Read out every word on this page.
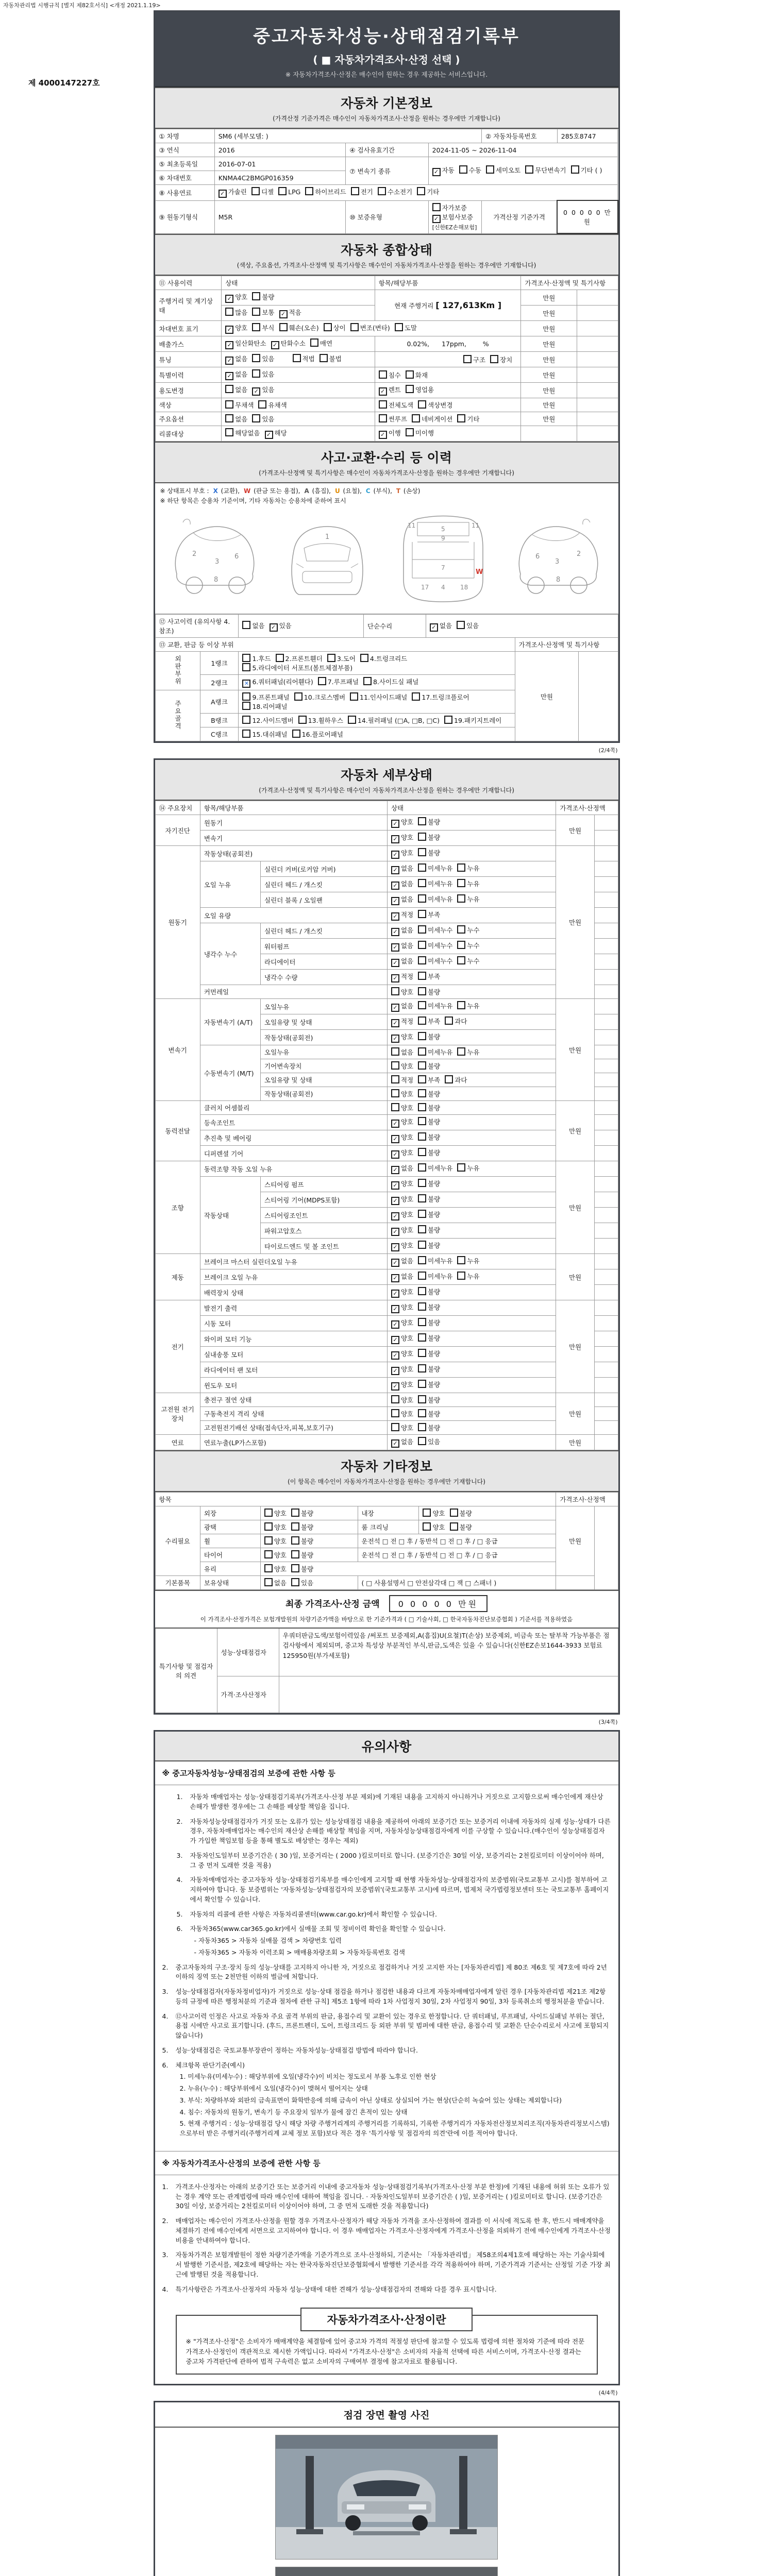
자동차관리법 시행규칙 [별지 제82호서식] <개정 2021.1.19>
제 4000147227호
중고자동차성능·상태점검기록부
( ■ 자동차가격조사·산정 선택 )
※ 자동차가격조사·산정은 매수인이 원하는 경우 제공하는 서비스입니다.
자동차 기본정보
(가격산정 기준가격은 매수인이 자동차가격조사·산정을 원하는 경우에만 기재합니다)
① 차명	SM6 (세부모델: )			② 자동차등록번호	285호8747
③ 연식	2016	④ 검사유효기간	2024-11-05 ~ 2026-11-04		
⑤ 최초등록일	2016-07-01	⑦ 변속기 종류	✓ 자동 수동 세미오토 무단변속기 기타 ( )		
⑥ 차대번호	KNMA4C2BMGP016359				
⑧ 사용연료	✓ 가솔린 디젤 LPG 하이브리드 전기 수소전기 기타				
⑨ 원동기형식	M5R	⑩ 보증유형	자가보증✓ 보험사보증[신한EZ손해보험]	가격산정 기준가격	0 0 0 0 0 만원
자동차 종합상태
(색상, 주요옵션, 가격조사·산정액 및 특기사항은 매수인이 자동차가격조사·산정을 원하는 경우에만 기재합니다)
⑪ 사용이력	상태	항목/해당부품	가격조사·산정액 및 특기사항	
주행거리 및 계기상태	✓ 양호 불량	현재 주행거리 [ 127,613Km ]	만원	
	많음 보통 ✓ 적음		만원	
차대번호 표기	✓ 양호 부식 훼손(오손) 상이 변조(변타) 도말		만원	
배출가스	✓ 일산화탄소 ✓ 탄화수소 매연	0.02%,      17ppm,        %	만원	
튜닝	✓ 없음 있음 적법 불법	구조 장치	만원	
특별이력	✓ 없음 있음	침수 화재	만원	
용도변경	없음 ✓ 있음	✓ 렌트 영업용	만원	
색상	무채색 유채색	전체도색 색상변경	만원	
주요옵션	없음 있음	썬루프 네비게이션 기타	만원	
리콜대상	해당없음 ✓ 해당	✓ 이행 미이행		
사고·교환·수리 등 이력
(가격조사·산정액 및 특기사항은 매수인이 자동차가격조사·산정을 원하는 경우에만 기재합니다)
※ 상태표시 부호 : X (교환), W (판금 또는 용접), A (흠집), U (요철), C (부식), T (손상)
※ 하단 항목은 승용차 기준이며, 기타 자동차는 승용차에 준하여 표시
2
3
6
8
1
11	5	11
9
7
17 4 18
W
2
3
6
8
⑫ 사고이력 (유의사항 4.참조)		없음 ✓ 있음	단순수리	✓ 없음 있음		
⑬ 교환, 판금 등 이상 부위					가격조사·산정액 및 특기사항	
외판부위	1랭크	1.후드 2.프론트휀더 3.도어 4.트렁크리드5.라디에이터 서포트(볼트체결부품)			만원	
	2랭크	✕ 6.쿼터패널(리어휀다) 7.루프패널 8.사이드실 패널				
주요골격	A랭크	9.프론트패널 10.크로스멤버 11.인사이드패널 17.트렁크플로어18.리어패널				
	B랭크	12.사이드멤버 13.휠하우스 14.필러패널 (□A, □B, □C) 19.패키지트레이				
	C랭크	15.대쉬패널 16.플로어패널				
(2/4쪽)
자동차 세부상태
(가격조사·산정액 및 특기사항은 매수인이 자동차가격조사·산정을 원하는 경우에만 기재합니다)
⑭ 주요장치	항목/해당부품		상태	가격조사·산정액	
자기진단	원동기		✓ 양호 불량	만원	
	변속기		✓ 양호 불량		
원동기	작동상태(공회전)		✓ 양호 불량	만원	
	오일 누유	실린더 커버(로커암 커버)	✓ 없음 미세누유 누유		
		실린더 헤드 / 개스킷	✓ 없음 미세누유 누유		
		실린더 블록 / 오일팬	✓ 없음 미세누유 누유		
	오일 유량		✓ 적정 부족		
	냉각수 누수	실린더 헤드 / 개스킷	✓ 없음 미세누수 누수		
		워터펌프	✓ 없음 미세누수 누수		
		라디에이터	✓ 없음 미세누수 누수		
		냉각수 수량	✓ 적정 부족		
	커먼레일		양호 불량		
변속기	자동변속기 (A/T)	오일누유	✓ 없음 미세누유 누유	만원	
		오일유량 및 상태	✓ 적정 부족 과다		
		작동상태(공회전)	✓ 양호 불량		
	수동변속기 (M/T)	오일누유	없음 미세누유 누유		
		기어변속장치	양호 불량		
		오일유량 및 상태	적정 부족 과다		
		작동상태(공회전)	양호 불량		
동력전달	클러치 어셈블리		양호 불량	만원	
	등속조인트		✓ 양호 불량		
	추진축 및 베어링		✓ 양호 불량		
	디퍼렌셜 기어		✓ 양호 불량		
조향	동력조향 작동 오일 누유		✓ 없음 미세누유 누유	만원	
	작동상태	스티어링 펌프	✓ 양호 불량		
		스티어링 기어(MDPS포함)	✓ 양호 불량		
		스티어링조인트	✓ 양호 불량		
		파워고압호스	✓ 양호 불량		
		타이로드엔드 및 볼 조인트	✓ 양호 불량		
제동	브레이크 마스터 실린더오일 누유		✓ 없음 미세누유 누유	만원	
	브레이크 오일 누유		✓ 없음 미세누유 누유		
	배력장치 상태		✓ 양호 불량		
전기	발전기 출력		✓ 양호 불량	만원	
	시동 모터		✓ 양호 불량		
	와이퍼 모터 기능		✓ 양호 불량		
	실내송풍 모터		✓ 양호 불량		
	라디에이터 팬 모터		✓ 양호 불량		
	윈도우 모터		✓ 양호 불량		
고전원 전기장치	충전구 절연 상태		양호 불량	만원	
	구동축전지 격리 상태		양호 불량		
	고전원전기배선 상태(접속단자,피복,보호기구)		양호 불량		
연료	연료누출(LP가스포함)		✓ 없음 있음	만원	
자동차 기타정보
(이 항목은 매수인이 자동차가격조사·산정을 원하는 경우에만 기재합니다)
항목					가격조사·산정액	
수리필요	외장	양호 불량	내장	양호 불량	만원	
	광택	양호 불량	룸 크리닝	양호 불량		
	휠	양호 불량	운전석 □ 전 □ 후 / 동반석 □ 전 □ 후 / □ 응급			
	타이어	양호 불량	운전석 □ 전 □ 후 / 동반석 □ 전 □ 후 / □ 응급			
	유리	양호 불량				
기본품목	보유상태	없음 있음	( □ 사용설명서 □ 안전삼각대 □ 잭 □ 스패너 )			
최종 가격조사·산정 금액 0 0 0 0 0 만원
이 가격조사·산정가격은 보험개발원의 차량기준가액을 바탕으로 한 기준가격과 ( □ 기술사회, □ 한국자동차진단보증협회 ) 기준서를 적용하였음
특기사항 및 점검자의 의견	성능·상태점검자	우쿼터판금도색/보험이력있음 /써포트 보증제외,A(흠집)U(요철)T(손상) 보증제외, 비금속 또는 탈부착 가능부품은 점검사항에서 제외되며, 중고차 특성상 부분적인 부식,판금,도색은 있을 수 있습니다(신한EZ손보1644-3933 보험료 125950원(부가세포함)
	가격·조사산정자	
(3/4쪽)
유의사항
※ 중고자동차성능·상태점검의 보증에 관한 사항 등
1. 자동차 매매업자는 성능·상태점검기록부(가격조사·산정 부분 제외)에 기재된 내용을 고지하지 아니하거나 거짓으로 고지함으로써 매수인에게 재산상 손해가 발생한 경우에는 그 손해를 배상할 책임을 집니다.
2. 자동차성능상태점검자가 거짓 또는 오류가 있는 성능상태점검 내용을 제공하여 아래의 보증기간 또는 보증거리 이내에 자동차의 실제 성능·상태가 다른 경우, 자동차매매업자는 매수인의 재산상 손해를 배상할 책임을 지며, 자동차성능상태점검자에게 이를 구상할 수 있습니다.(매수인이 성능상태점검자가 가입한 책임보험 등을 통해 별도로 배상받는 경우는 제외)
3. 자동차인도일부터 보증기간은 ( 30 )일, 보증거리는 ( 2000 )킬로미터로 합니다. (보증기간은 30일 이상, 보증거리는 2천킬로미터 이상이어야 하며, 그 중 먼저 도래한 것을 적용)
4. 자동차매매업자는 중고자동차 성능·상태점검기록부를 매수인에게 고지할 때 현행 자동차성능·상태점검자의 보증범위(국토교통부 고시)를 첨부하여 고지하여야 합니다. 동 보증범위는 '자동차성능·상태점검자의 보증범위'(국토교통부 고시)에 따르며, 법제처 국가법령정보센터 또는 국토교통부 홈페이지에서 확인할 수 있습니다.
5. 자동차의 리콜에 관한 사항은 자동차리콜센터(www.car.go.kr)에서 확인할 수 있습니다.
6. 자동차365(www.car365.go.kr)에서 실매물 조회 및 정비이력 확인을 확인할 수 있습니다.
- 자동차365 > 자동차 실매물 검색 > 차량번호 입력
- 자동차365 > 자동차 이력조회 > 매매용차량조회 > 자동차등록번호 검색
2. 중고자동차의 구조·장치 등의 성능·상태를 고지하지 아니한 자, 거짓으로 점검하거나 거짓 고지한 자는 [자동차관리법] 제 80조 제6호 및 제7호에 따라 2년 이하의 징역 또는 2천만원 이하의 벌금에 처합니다.
3. 성능·상태점검자(자동차정비업자)가 거짓으로 성능·상태 점검을 하거나 점검한 내용과 다르게 자동차매매업자에게 알린 경우 [자동차관리법 제21조 제2항 등의 규정에 따른 행정처분의 기준과 절차에 관한 규칙] 제5조 1항에 따라 1차 사업정지 30일, 2차 사업정지 90일, 3차 등록취소의 행정처분을 받습니다.
4. ⑫사고이력 인정은 사고로 자동차 주요 골격 부위의 판금, 용접수리 및 교환이 있는 경우로 한정합니다. 단 쿼터패널, 루프패널, 사이드실패널 부위는 절단, 용접 시에만 사고로 표기합니다. (후드, 프론트펜더, 도어, 트렁크리드 등 외판 부위 및 범퍼에 대한 판금, 용접수리 및 교환은 단순수리로서 사고에 포함되지 않습니다)
5. 성능·상태점검은 국토교통부장관이 정하는 자동차성능·상태점검 방법에 따라야 합니다.
6. 체크항목 판단기준(예시)
1. 미세누유(미세누수) : 해당부위에 오일(냉각수)이 비치는 정도로서 부품 노후로 인한 현상
2. 누유(누수) : 해당부위에서 오일(냉각수)이 맺혀서 떨어지는 상태
3. 부식: 차량하부와 외판의 금속표면이 화학반응에 의해 금속이 아닌 상태로 상실되어 가는 현상(단순히 녹슬어 있는 상태는 제외합니다)
4. 침수: 자동차의 원동기, 변속기 등 주요장치 일부가 물에 잠긴 흔적이 있는 상태
5. 현재 주행거리 : 성능·상태점검 당시 해당 차량 주행거리계의 주행거리를 기록하되, 기록한 주행거리가 자동차전산정보처리조직(자동차관리정보시스템)으로부터 받은 주행거리(주행거리계 교체 정보 포함)보다 적은 경우 '특기사항 및 점검자의 의견'란에 이를 적어야 합니다.
※ 자동차가격조사·산정의 보증에 관한 사항 등
1. 가격조사·산정자는 아래의 보증기간 또는 보증거리 이내에 중고자동차 성능·상태점검기록부(가격조사·산정 부분 한정)에 기재된 내용에 허위 또는 오류가 있는 경우 계약 또는 관계법령에 따라 매수인에 대하여 책임을 집니다. · 자동차인도일부터 보증기간은 ( )일, 보증거리는 ( )킬로미터로 합니다. (보증기간은 30일 이상, 보증거리는 2천킬로미터 이상이어야 하며, 그 중 먼저 도래한 것을 적용합니다)
2. 매매업자는 매수인이 가격조사·산정을 원할 경우 가격조사·산정자가 해당 자동차 가격을 조사·산정하여 결과를 이 서식에 적도록 한 후, 반드시 매매계약을 체결하기 전에 매수인에게 서면으로 고지하여야 합니다. 이 경우 매매업자는 가격조사·산정자에게 가격조사·산정을 의뢰하기 전에 매수인에게 가격조사·산정 비용을 안내하여야 합니다.
3. 자동차가격은 보험개발원이 정한 차량기준가액을 기준가격으로 조사·산정하되, 기준서는 「자동차관리법」 제58조의4제1호에 해당하는 자는 기술사회에서 발행한 기준서를, 제2호에 해당하는 자는 한국자동차진단보증협회에서 발행한 기준서를 각각 적용하여야 하며, 기준가격과 기준서는 산정일 기준 가장 최근에 발행된 것을 적용합니다.
4. 특기사항란은 가격조사·산정자의 자동차 성능·상태에 대한 견해가 성능·상태점검자의 견해와 다를 경우 표시합니다.
자동차가격조사·산정이란
※ "가격조사·산정"은 소비자가 매매계약을 체결함에 있어 중고차 가격의 적절성 판단에 참고할 수 있도록 법령에 의한 절차와 기준에 따라 전문 가격조사·산정인이 객관적으로 제시한 가액입니다. 따라서 "가격조사·산정"은 소비자의 자율적 선택에 따른 서비스이며, 가격조사·산정 결과는 중고차 가격판단에 관하여 법적 구속력은 없고 소비자의 구매여부 결정에 참고자료로 활용됩니다.
(4/4쪽)
점검 장면 촬영 사진
